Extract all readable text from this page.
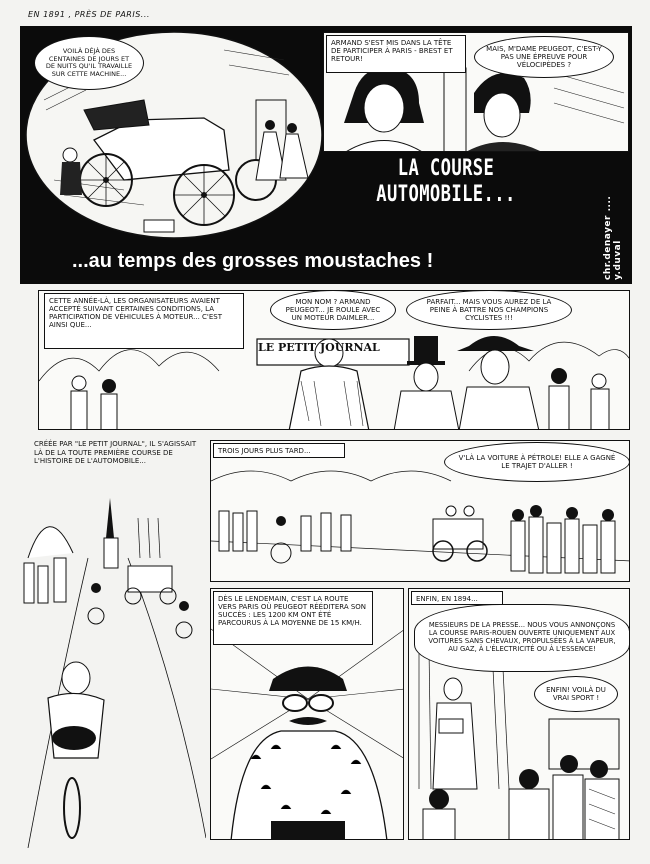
EN 1891 , PRÈS DE PARIS...
VOILÀ DÉJÀ DES CENTAINES DE JOURS ET DE NUITS QU'IL TRAVAILLE SUR CETTE MACHINE...
ARMAND S'EST MIS DANS LA TÊTE DE PARTICIPER À PARIS - BREST ET RETOUR!
MAIS, M'DAME PEUGEOT, C'EST-Y PAS UNE ÉPREUVE POUR VÉLOCIPÈDES ?
LA COURSE
AUTOMOBILE...
...au temps des grosses moustaches !	chr.denayer .... y.duval
LE PETIT JOURNAL
CETTE ANNÉE-LÀ, LES ORGANISATEURS AVAIENT ACCEPTÉ SUIVANT CERTAINES CONDITIONS, LA PARTICIPATION DE VÉHICULES À MOTEUR... C'EST AINSI QUE...
MON NOM ? ARMAND PEUGEOT... JE ROULE AVEC UN MOTEUR DAIMLER...
PARFAIT... MAIS VOUS AUREZ DE LA PEINE À BATTRE NOS CHAMPIONS CYCLISTES !!!
CRÉÉE PAR "LE PETIT JOURNAL", IL S'AGISSAIT LÀ DE LA TOUTE PREMIÈRE COURSE DE L'HISTOIRE DE L'AUTOMOBILE...
TROIS JOURS PLUS TARD...
V'LÀ LA VOITURE À PÉTROLE! ELLE A GAGNÉ LE TRAJET D'ALLER !
DÈS LE LENDEMAIN, C'EST LA ROUTE VERS PARIS OÙ PEUGEOT RÉÉDITERA SON SUCCÈS : LES 1200 KM ONT ÉTÉ PARCOURUS À LA MOYENNE DE 15 KM/H.
ENFIN, EN 1894...
MESSIEURS DE LA PRESSE... NOUS VOUS ANNONÇONS LA COURSE PARIS-ROUEN OUVERTE UNIQUEMENT AUX VOITURES SANS CHEVAUX, PROPULSÉES À LA VAPEUR, AU GAZ, À L'ÉLECTRICITÉ OU À L'ESSENCE!
ENFIN! VOILÀ DU VRAI SPORT !
